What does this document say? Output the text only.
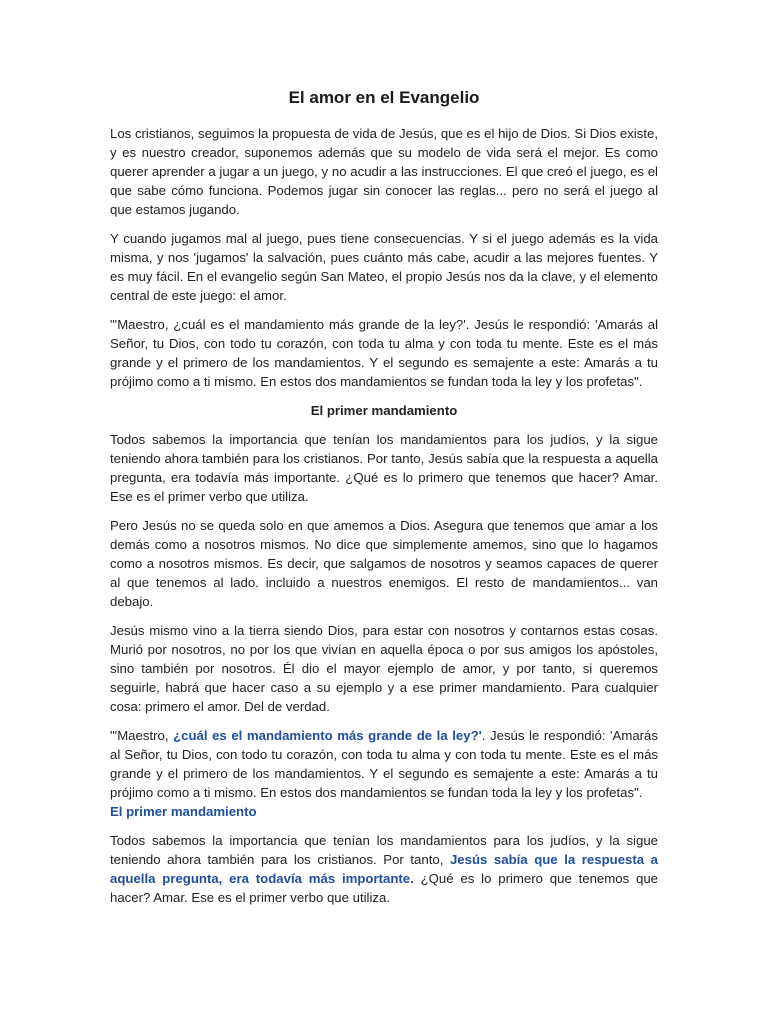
El amor en el Evangelio

Los cristianos, seguimos la propuesta de vida de Jesús, que es el hijo de Dios. Si Dios existe, y es nuestro creador, suponemos además que su modelo de vida será el mejor. Es como querer aprender a jugar a un juego, y no acudir a las instrucciones. El que creó el juego, es el que sabe cómo funciona. Podemos jugar sin conocer las reglas... pero no será el juego al que estamos jugando.

Y cuando jugamos mal al juego, pues tiene consecuencias. Y si el juego además es la vida misma, y nos 'jugamos' la salvación, pues cuánto más cabe, acudir a las mejores fuentes. Y es muy fácil. En el evangelio según San Mateo, el propio Jesús nos da la clave, y el elemento central de este juego: el amor.

"'Maestro, ¿cuál es el mandamiento más grande de la ley?'. Jesús le respondió: 'Amarás al Señor, tu Dios, con todo tu corazón, con toda tu alma y con toda tu mente. Este es el más grande y el primero de los mandamientos. Y el segundo es semajente a este: Amarás a tu prójimo como a ti mismo. En estos dos mandamientos se fundan toda la ley y los profetas".

El primer mandamiento

Todos sabemos la importancia que tenían los mandamientos para los judíos, y la sigue teniendo ahora también para los cristianos. Por tanto, Jesús sabía que la respuesta a aquella pregunta, era todavía más importante. ¿Qué es lo primero que tenemos que hacer? Amar. Ese es el primer verbo que utiliza.

Pero Jesús no se queda solo en que amemos a Dios. Asegura que tenemos que amar a los demás como a nosotros mismos. No dice que simplemente amemos, sino que lo hagamos como a nosotros mismos. Es decir, que salgamos de nosotros y seamos capaces de querer al que tenemos al lado. incluido a nuestros enemigos. El resto de mandamientos... van debajo.

Jesús mismo vino a la tierra siendo Dios, para estar con nosotros y contarnos estas cosas. Murió por nosotros, no por los que vivían en aquella época o por sus amigos los apóstoles, sino también por nosotros. Él dio el mayor ejemplo de amor, y por tanto, si queremos seguirle, habrá que hacer caso a su ejemplo y a ese primer mandamiento. Para cualquier cosa: primero el amor. Del de verdad.

"'Maestro, ¿cuál es el mandamiento más grande de la ley?'. Jesús le respondió: 'Amarás al Señor, tu Dios, con todo tu corazón, con toda tu alma y con toda tu mente. Este es el más grande y el primero de los mandamientos. Y el segundo es semajente a este: Amarás a tu prójimo como a ti mismo. En estos dos mandamientos se fundan toda la ley y los profetas".

El primer mandamiento

Todos sabemos la importancia que tenían los mandamientos para los judíos, y la sigue teniendo ahora también para los cristianos. Por tanto, Jesús sabía que la respuesta a aquella pregunta, era todavía más importante. ¿Qué es lo primero que tenemos que hacer? Amar. Ese es el primer verbo que utiliza.
